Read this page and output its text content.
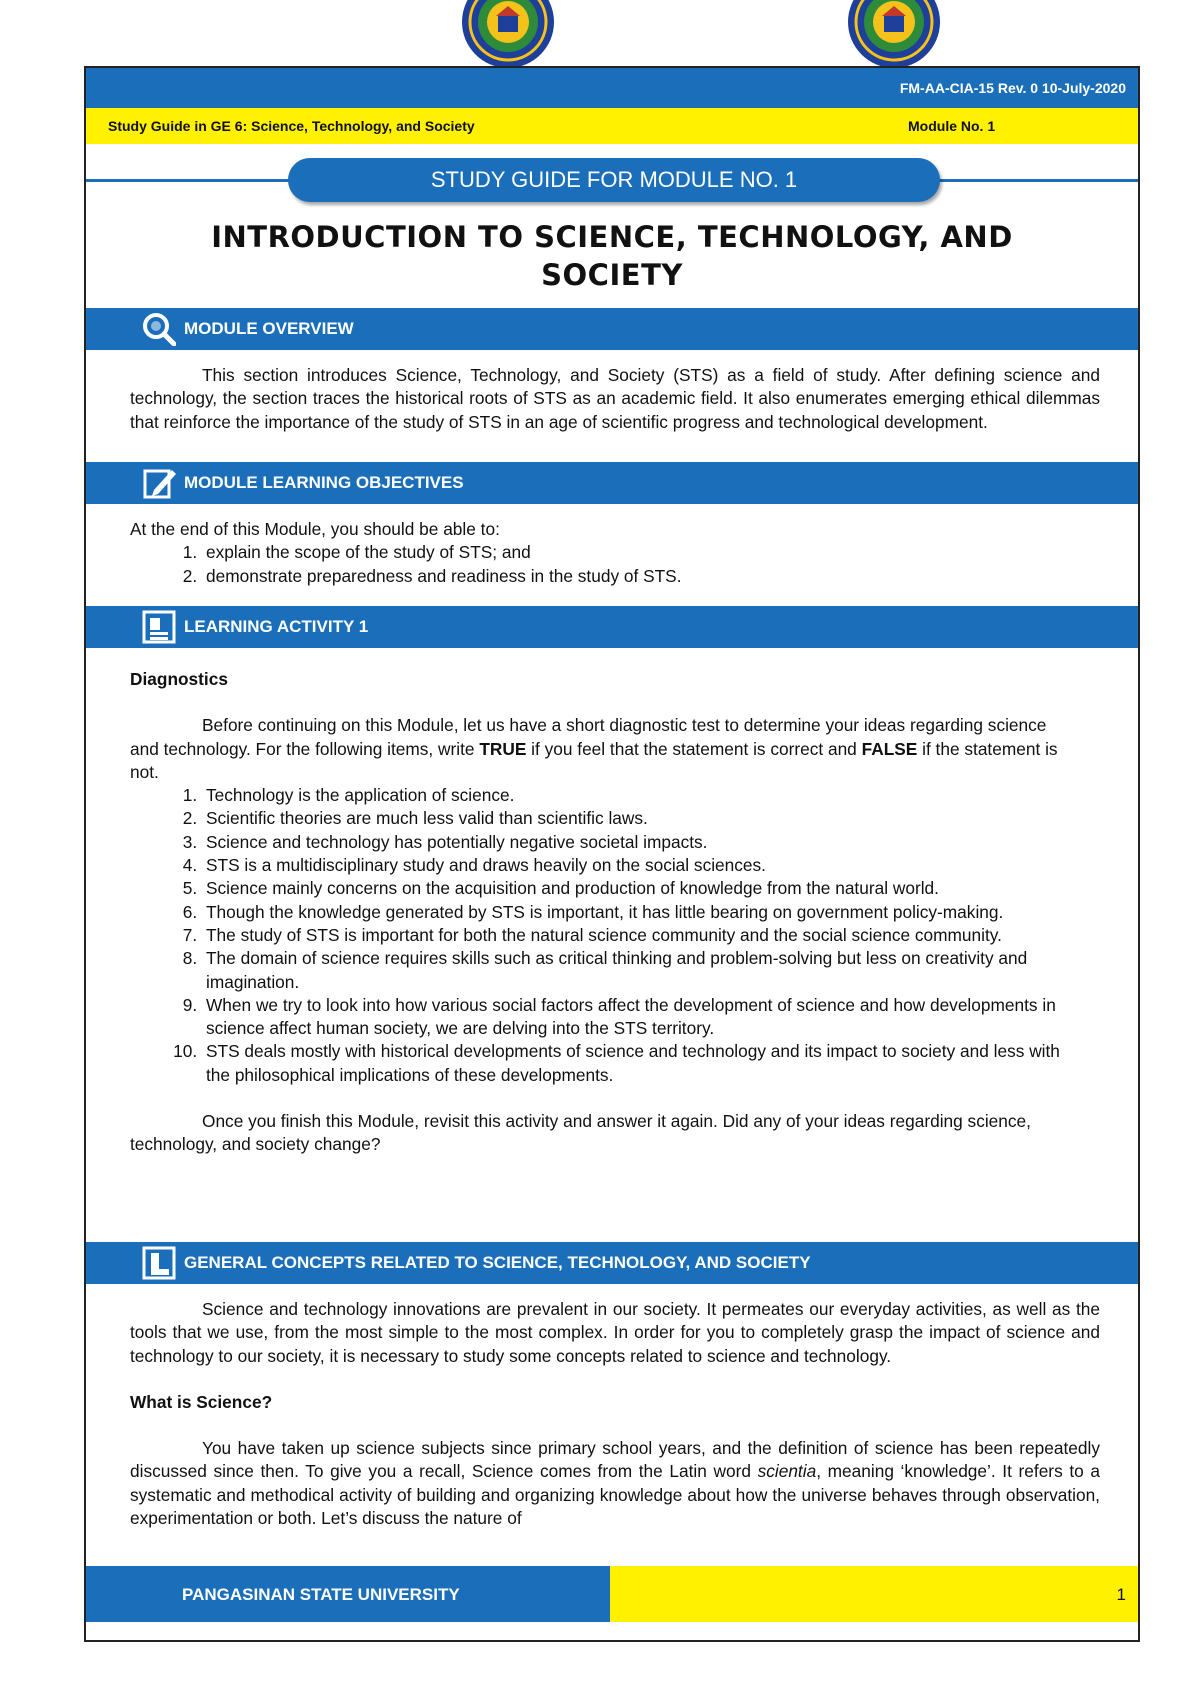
FM-AA-CIA-15 Rev. 0 10-July-2020
Study Guide in GE 6: Science, Technology, and Society	Module No. 1
STUDY GUIDE FOR MODULE NO. 1
INTRODUCTION TO SCIENCE, TECHNOLOGY, AND
SOCIETY
MODULE OVERVIEW
This section introduces Science, Technology, and Society (STS) as a field of study. After defining science and technology, the section traces the historical roots of STS as an academic field. It also enumerates emerging ethical dilemmas that reinforce the importance of the study of STS in an age of scientific progress and technological development.
MODULE LEARNING OBJECTIVES
At the end of this Module, you should be able to:
1. explain the scope of the study of STS; and
2. demonstrate preparedness and readiness in the study of STS.
LEARNING ACTIVITY 1
Diagnostics
Before continuing on this Module, let us have a short diagnostic test to determine your ideas regarding science and technology. For the following items, write TRUE if you feel that the statement is correct and FALSE if the statement is not.
1. Technology is the application of science.
2. Scientific theories are much less valid than scientific laws.
3. Science and technology has potentially negative societal impacts.
4. STS is a multidisciplinary study and draws heavily on the social sciences.
5. Science mainly concerns on the acquisition and production of knowledge from the natural world.
6. Though the knowledge generated by STS is important, it has little bearing on government policy-making.
7. The study of STS is important for both the natural science community and the social science community.
8. The domain of science requires skills such as critical thinking and problem-solving but less on creativity and imagination.
9. When we try to look into how various social factors affect the development of science and how developments in science affect human society, we are delving into the STS territory.
10. STS deals mostly with historical developments of science and technology and its impact to society and less with the philosophical implications of these developments.
Once you finish this Module, revisit this activity and answer it again. Did any of your ideas regarding science, technology, and society change?
GENERAL CONCEPTS RELATED TO SCIENCE, TECHNOLOGY, AND SOCIETY
Science and technology innovations are prevalent in our society. It permeates our everyday activities, as well as the tools that we use, from the most simple to the most complex. In order for you to completely grasp the impact of science and technology to our society, it is necessary to study some concepts related to science and technology.
What is Science?
You have taken up science subjects since primary school years, and the definition of science has been repeatedly discussed since then. To give you a recall, Science comes from the Latin word scientia, meaning ‘knowledge’. It refers to a systematic and methodical activity of building and organizing knowledge about how the universe behaves through observation, experimentation or both. Let’s discuss the nature of
PANGASINAN STATE UNIVERSITY	1
